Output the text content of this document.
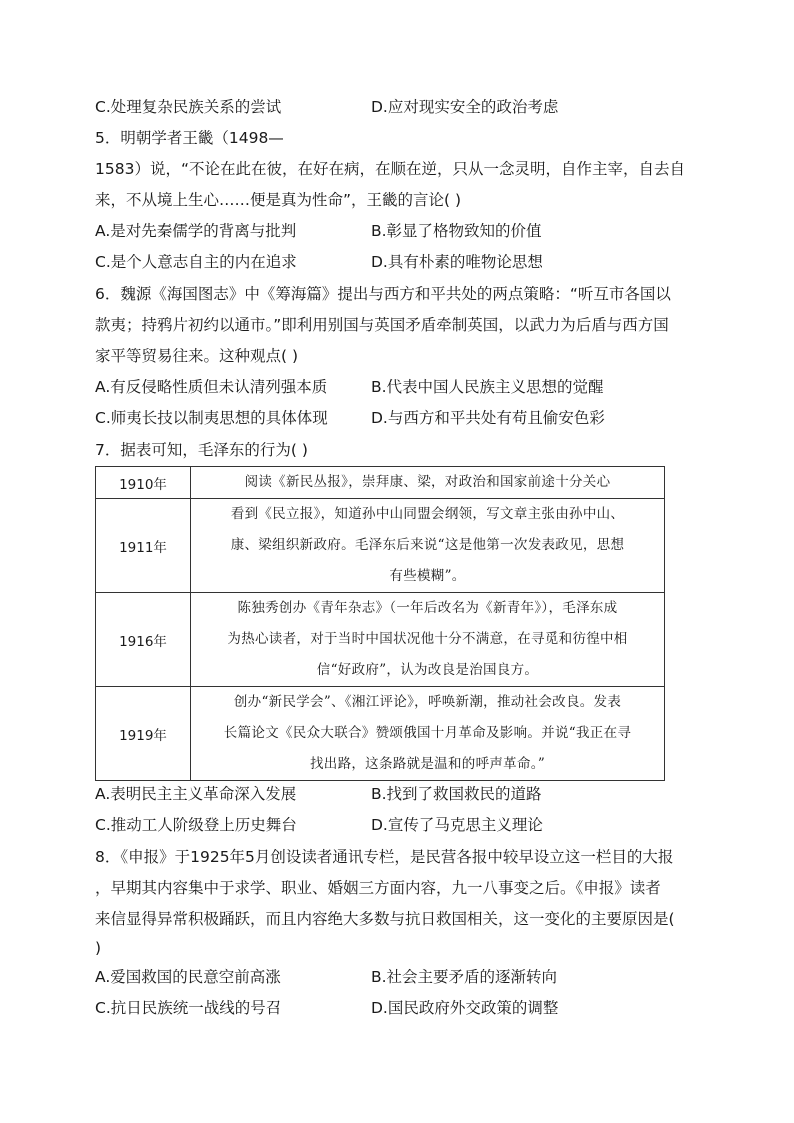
C.处理复杂民族关系的尝试	D.应对现实安全的政治考虑
5．明朝学者王畿（1498—
1583）说，“不论在此在彼，在好在病，在顺在逆，只从一念灵明，自作主宰，自去自
来，不从境上生心……便是真为性命”，王畿的言论( )
A.是对先秦儒学的背离与批判	B.彰显了格物致知的价值
C.是个人意志自主的内在追求	D.具有朴素的唯物论思想
6．魏源《海国图志》中《筹海篇》提出与西方和平共处的两点策略：“听互市各国以
款夷；持鸦片初约以通市。”即利用别国与英国矛盾牵制英国，以武力为后盾与西方国
家平等贸易往来。这种观点( )
A.有反侵略性质但未认清列强本质	B.代表中国人民族主义思想的觉醒
C.师夷长技以制夷思想的具体体现	D.与西方和平共处有苟且偷安色彩
7．据表可知，毛泽东的行为( )
1910年	阅读《新民丛报》，崇拜康、梁，对政治和国家前途十分关心

1911年	看到《民立报》，知道孙中山同盟会纲领，写文章主张由孙中山、
康、梁组织新政府。毛泽东后来说“这是他第一次发表政见，思想
有些模糊”。

1916年	陈独秀创办《青年杂志》（一年后改名为《新青年》），毛泽东成
为热心读者，对于当时中国状况他十分不满意，在寻觅和彷徨中相
信“好政府”，认为改良是治国良方。

1919年	创办“新民学会”、《湘江评论》，呼唤新潮，推动社会改良。发表
长篇论文《民众大联合》赞颂俄国十月革命及影响。并说“我正在寻
找出路，这条路就是温和的呼声革命。”
A.表明民主主义革命深入发展	B.找到了救国救民的道路
C.推动工人阶级登上历史舞台	D.宣传了马克思主义理论
8．《申报》于1925年5月创设读者通讯专栏，是民营各报中较早设立这一栏目的大报
，早期其内容集中于求学、职业、婚姻三方面内容，九一八事变之后。《申报》读者
来信显得异常积极踊跃，而且内容绝大多数与抗日救国相关，这一变化的主要原因是(
)
A.爱国救国的民意空前高涨	B.社会主要矛盾的逐渐转向
C.抗日民族统一战线的号召	D.国民政府外交政策的调整
